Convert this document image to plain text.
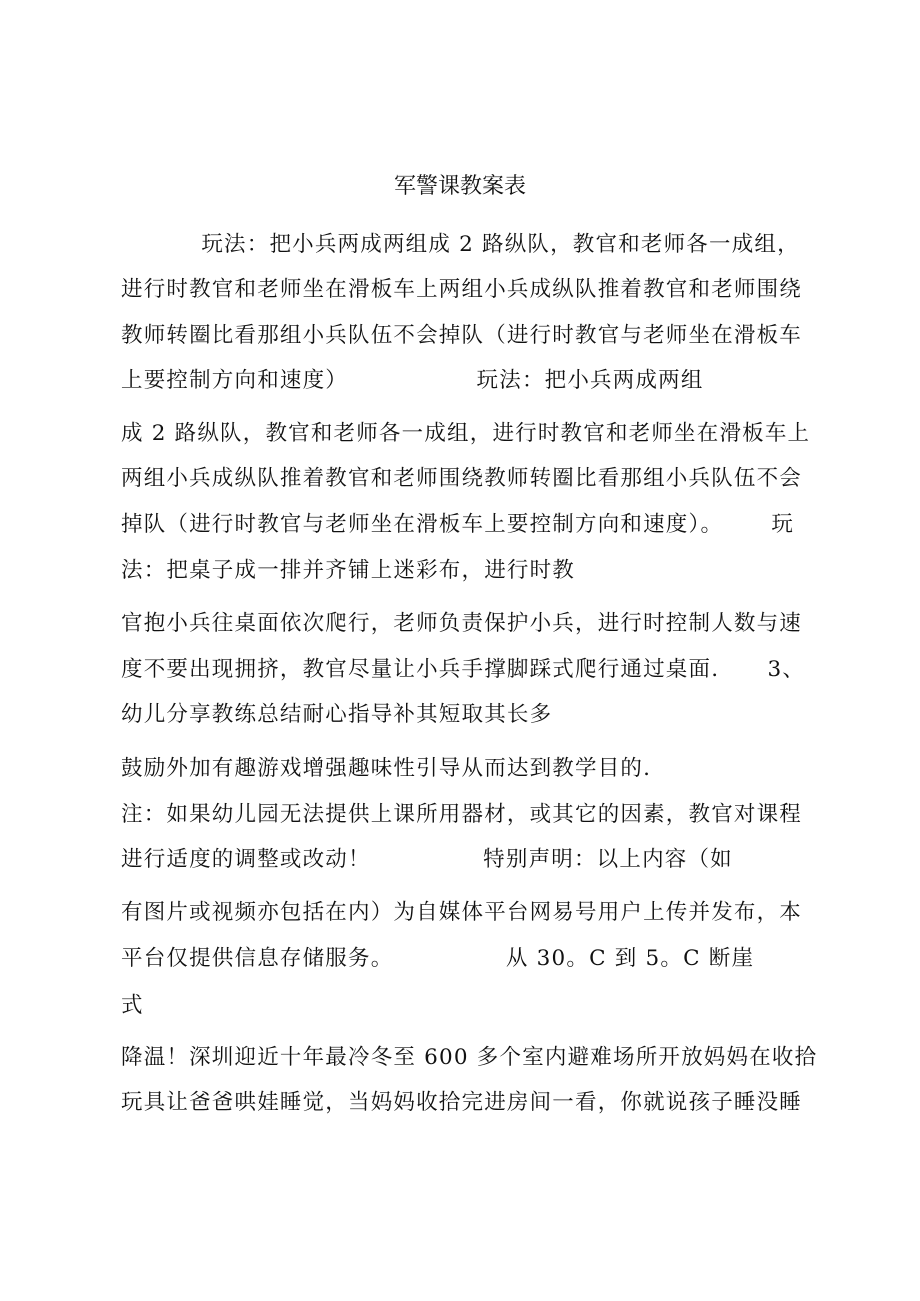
军警课教案表
玩法：把小兵两成两组成 2 路纵队，教官和老师各一成组，
进行时教官和老师坐在滑板车上两组小兵成纵队推着教官和老师围绕
教师转圈比看那组小兵队伍不会掉队（进行时教官与老师坐在滑板车
上要控制方向和速度）                玩法：把小兵两成两组
成 2 路纵队，教官和老师各一成组，进行时教官和老师坐在滑板车上
两组小兵成纵队推着教官和老师围绕教师转圈比看那组小兵队伍不会
掉队（进行时教官与老师坐在滑板车上要控制方向和速度）。      玩
法：把桌子成一排并齐铺上迷彩布，进行时教
官抱小兵往桌面依次爬行，老师负责保护小兵，进行时控制人数与速
度不要出现拥挤，教官尽量让小兵手撑脚踩式爬行通过桌面.      3、
幼儿分享教练总结耐心指导补其短取其长多
鼓励外加有趣游戏增强趣味性引导从而达到教学目的.
注：如果幼儿园无法提供上课所用器材，或其它的因素，教官对课程
进行适度的调整或改动！              特别声明：以上内容（如
有图片或视频亦包括在内）为自媒体平台网易号用户上传并发布，本
平台仅提供信息存储服务。              从 30。C 到 5。C 断崖
式
降温！深圳迎近十年最冷冬至 600 多个室内避难场所开放妈妈在收拾
玩具让爸爸哄娃睡觉，当妈妈收拾完进房间一看，你就说孩子睡没睡
